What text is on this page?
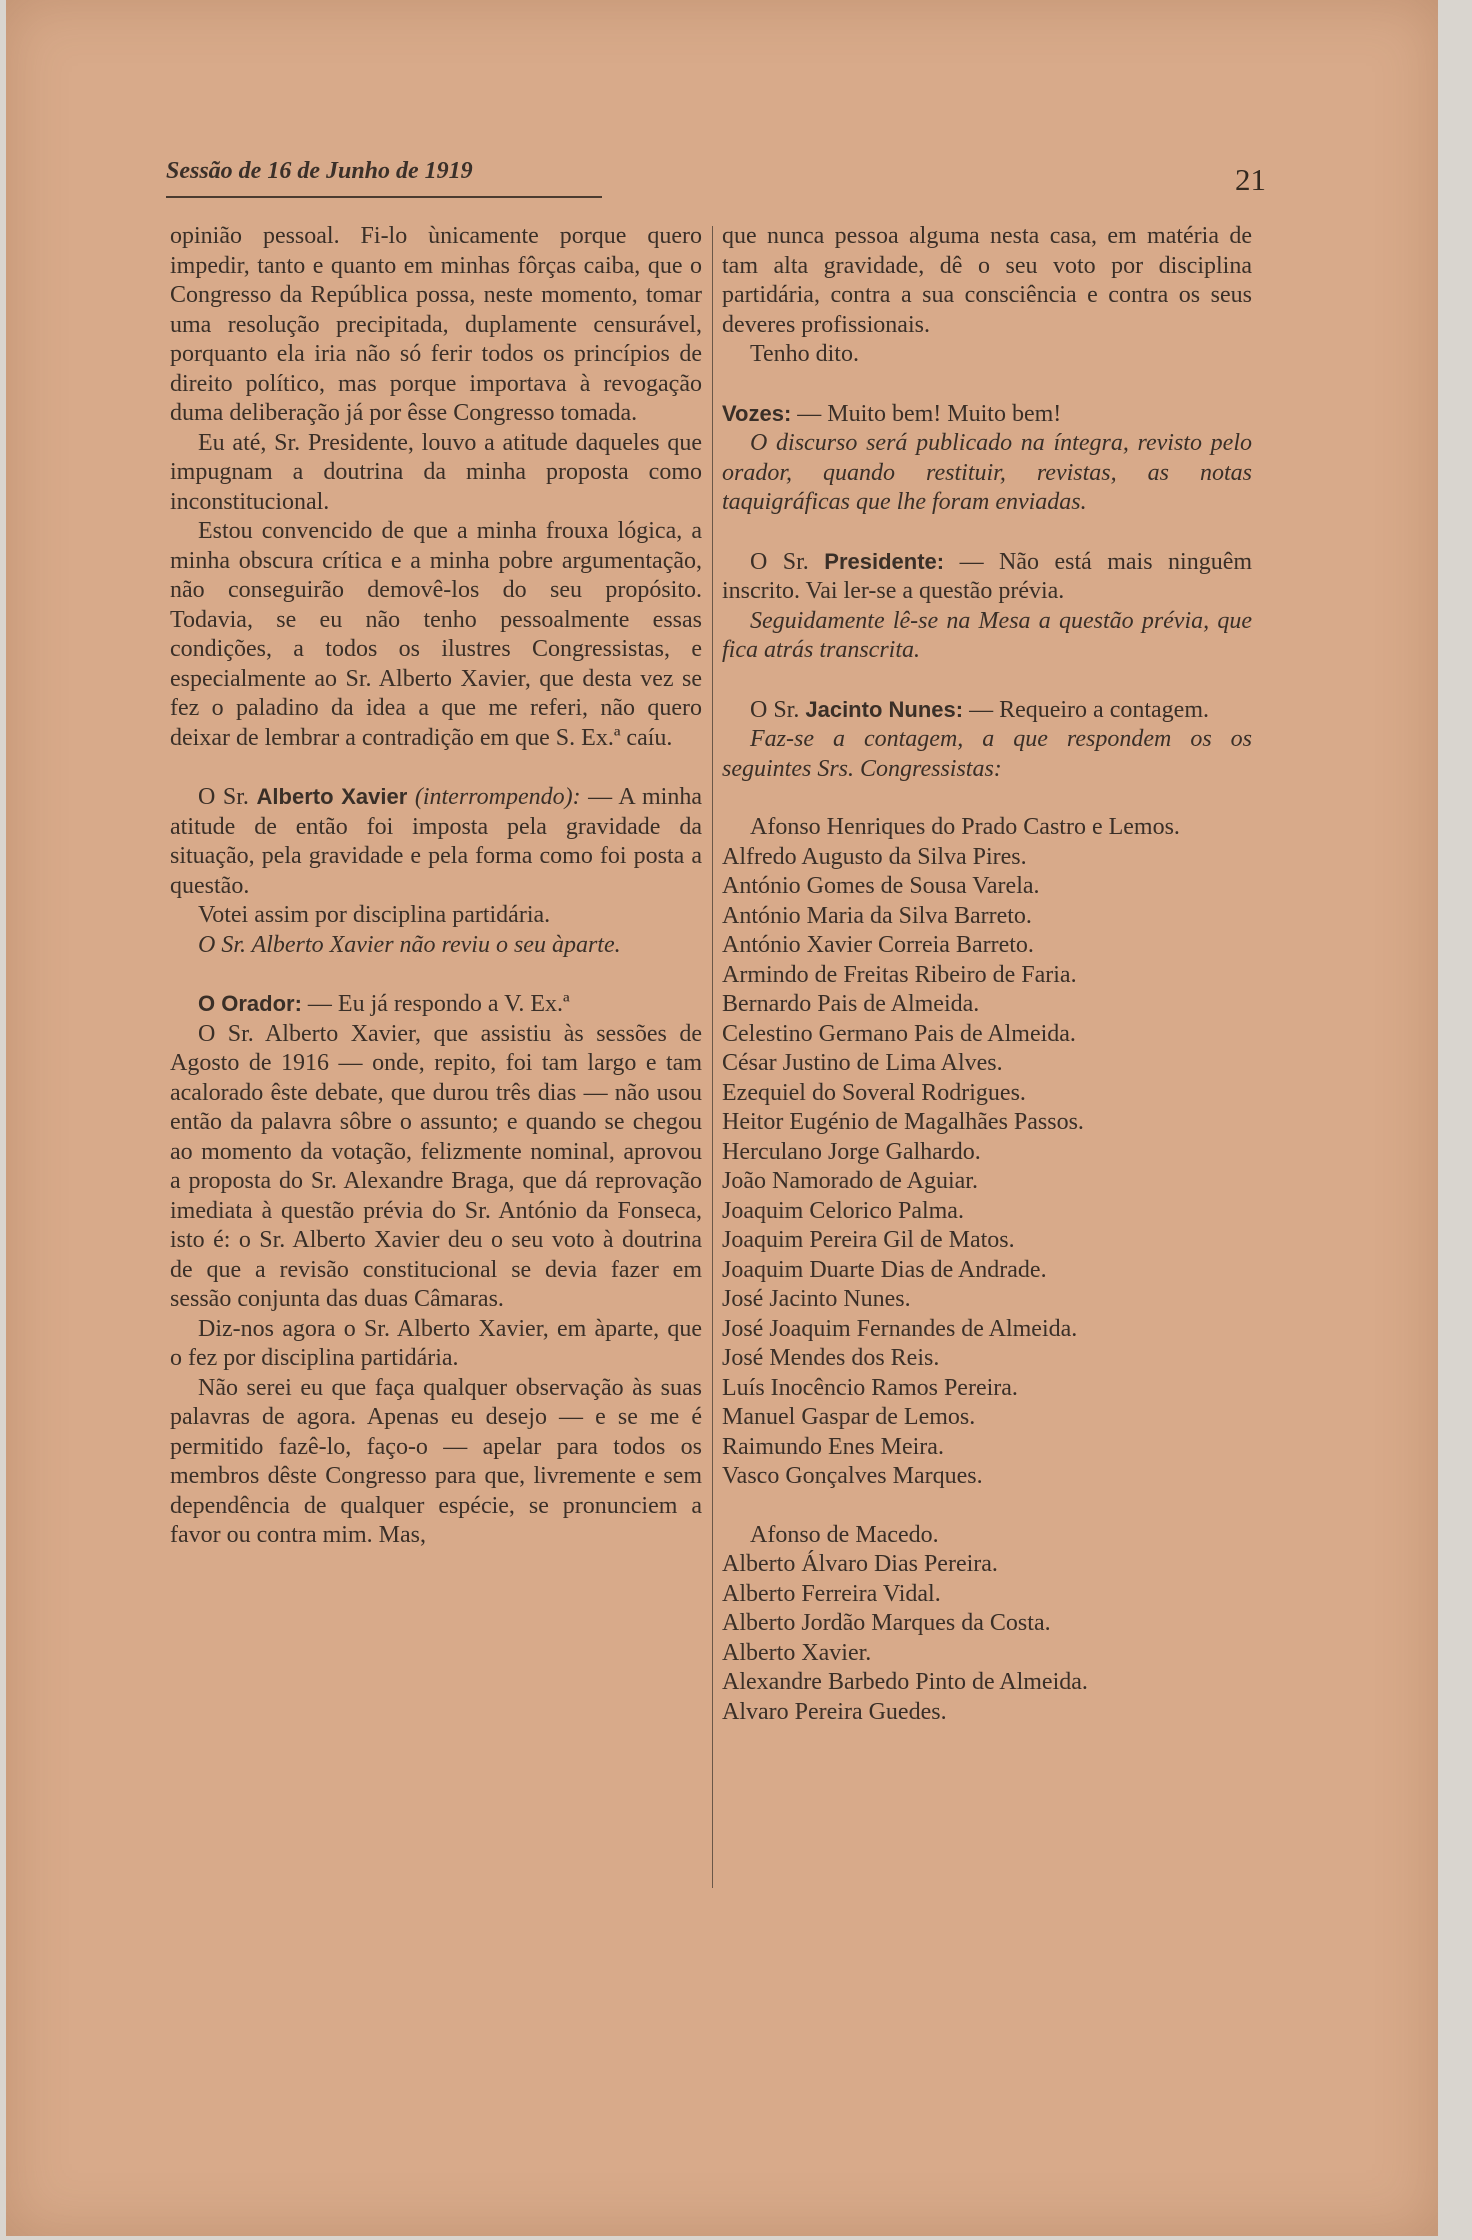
Sessão de 16 de Junho de 1919	21

opinião pessoal. Fi-lo ùnicamente porque quero impedir, tanto e quanto em minhas fôrças caiba, que o Congresso da República possa, neste momento, tomar uma resolução precipitada, duplamente censurável, porquanto ela iria não só ferir todos os princípios de direito político, mas porque importava à revogação duma deliberação já por êsse Congresso tomada.

Eu até, Sr. Presidente, louvo a atitude daqueles que impugnam a doutrina da minha proposta como inconstitucional.

Estou convencido de que a minha frouxa lógica, a minha obscura crítica e a minha pobre argumentação, não conseguirão demovê-los do seu propósito. Todavia, se eu não tenho pessoalmente essas condições, a todos os ilustres Congressistas, e especialmente ao Sr. Alberto Xavier, que desta vez se fez o paladino da idea a que me referi, não quero deixar de lembrar a contradição em que S. Ex.ª caíu.

O Sr. Alberto Xavier (interrompendo): — A minha atitude de então foi imposta pela gravidade da situação, pela gravidade e pela forma como foi posta a questão.

Votei assim por disciplina partidária.

O Sr. Alberto Xavier não reviu o seu àparte.

O Orador: — Eu já respondo a V. Ex.ª

O Sr. Alberto Xavier, que assistiu às sessões de Agosto de 1916 — onde, repito, foi tam largo e tam acalorado êste debate, que durou três dias — não usou então da palavra sôbre o assunto; e quando se chegou ao momento da votação, felizmente nominal, aprovou a proposta do Sr. Alexandre Braga, que dá reprovação imediata à questão prévia do Sr. António da Fonseca, isto é: o Sr. Alberto Xavier deu o seu voto à doutrina de que a revisão constitucional se devia fazer em sessão conjunta das duas Câmaras.

Diz-nos agora o Sr. Alberto Xavier, em àparte, que o fez por disciplina partidária.

Não serei eu que faça qualquer observação às suas palavras de agora. Apenas eu desejo — e se me é permitido fazê-lo, faço-o — apelar para todos os membros dêste Congresso para que, livremente e sem dependência de qualquer espécie, se pronunciem a favor ou contra mim. Mas,

que nunca pessoa alguma nesta casa, em matéria de tam alta gravidade, dê o seu voto por disciplina partidária, contra a sua consciência e contra os seus deveres profissionais.

Tenho dito.

Vozes: — Muito bem! Muito bem!

O discurso será publicado na íntegra, revisto pelo orador, quando restituir, revistas, as notas taquigráficas que lhe foram enviadas.

O Sr. Presidente: — Não está mais ninguêm inscrito. Vai ler-se a questão prévia.

Seguidamente lê-se na Mesa a questão prévia, que fica atrás transcrita.

O Sr. Jacinto Nunes: — Requeiro a contagem.

Faz-se a contagem, a que respondem os os seguintes Srs. Congressistas:

Afonso Henriques do Prado Castro e Lemos.

Alfredo Augusto da Silva Pires.

António Gomes de Sousa Varela.

António Maria da Silva Barreto.

António Xavier Correia Barreto.

Armindo de Freitas Ribeiro de Faria.

Bernardo Pais de Almeida.

Celestino Germano Pais de Almeida.

César Justino de Lima Alves.

Ezequiel do Soveral Rodrigues.

Heitor Eugénio de Magalhães Passos.

Herculano Jorge Galhardo.

João Namorado de Aguiar.

Joaquim Celorico Palma.

Joaquim Pereira Gil de Matos.

Joaquim Duarte Dias de Andrade.

José Jacinto Nunes.

José Joaquim Fernandes de Almeida.

José Mendes dos Reis.

Luís Inocêncio Ramos Pereira.

Manuel Gaspar de Lemos.

Raimundo Enes Meira.

Vasco Gonçalves Marques.

Afonso de Macedo.

Alberto Álvaro Dias Pereira.

Alberto Ferreira Vidal.

Alberto Jordão Marques da Costa.

Alberto Xavier.

Alexandre Barbedo Pinto de Almeida.

Alvaro Pereira Guedes.
